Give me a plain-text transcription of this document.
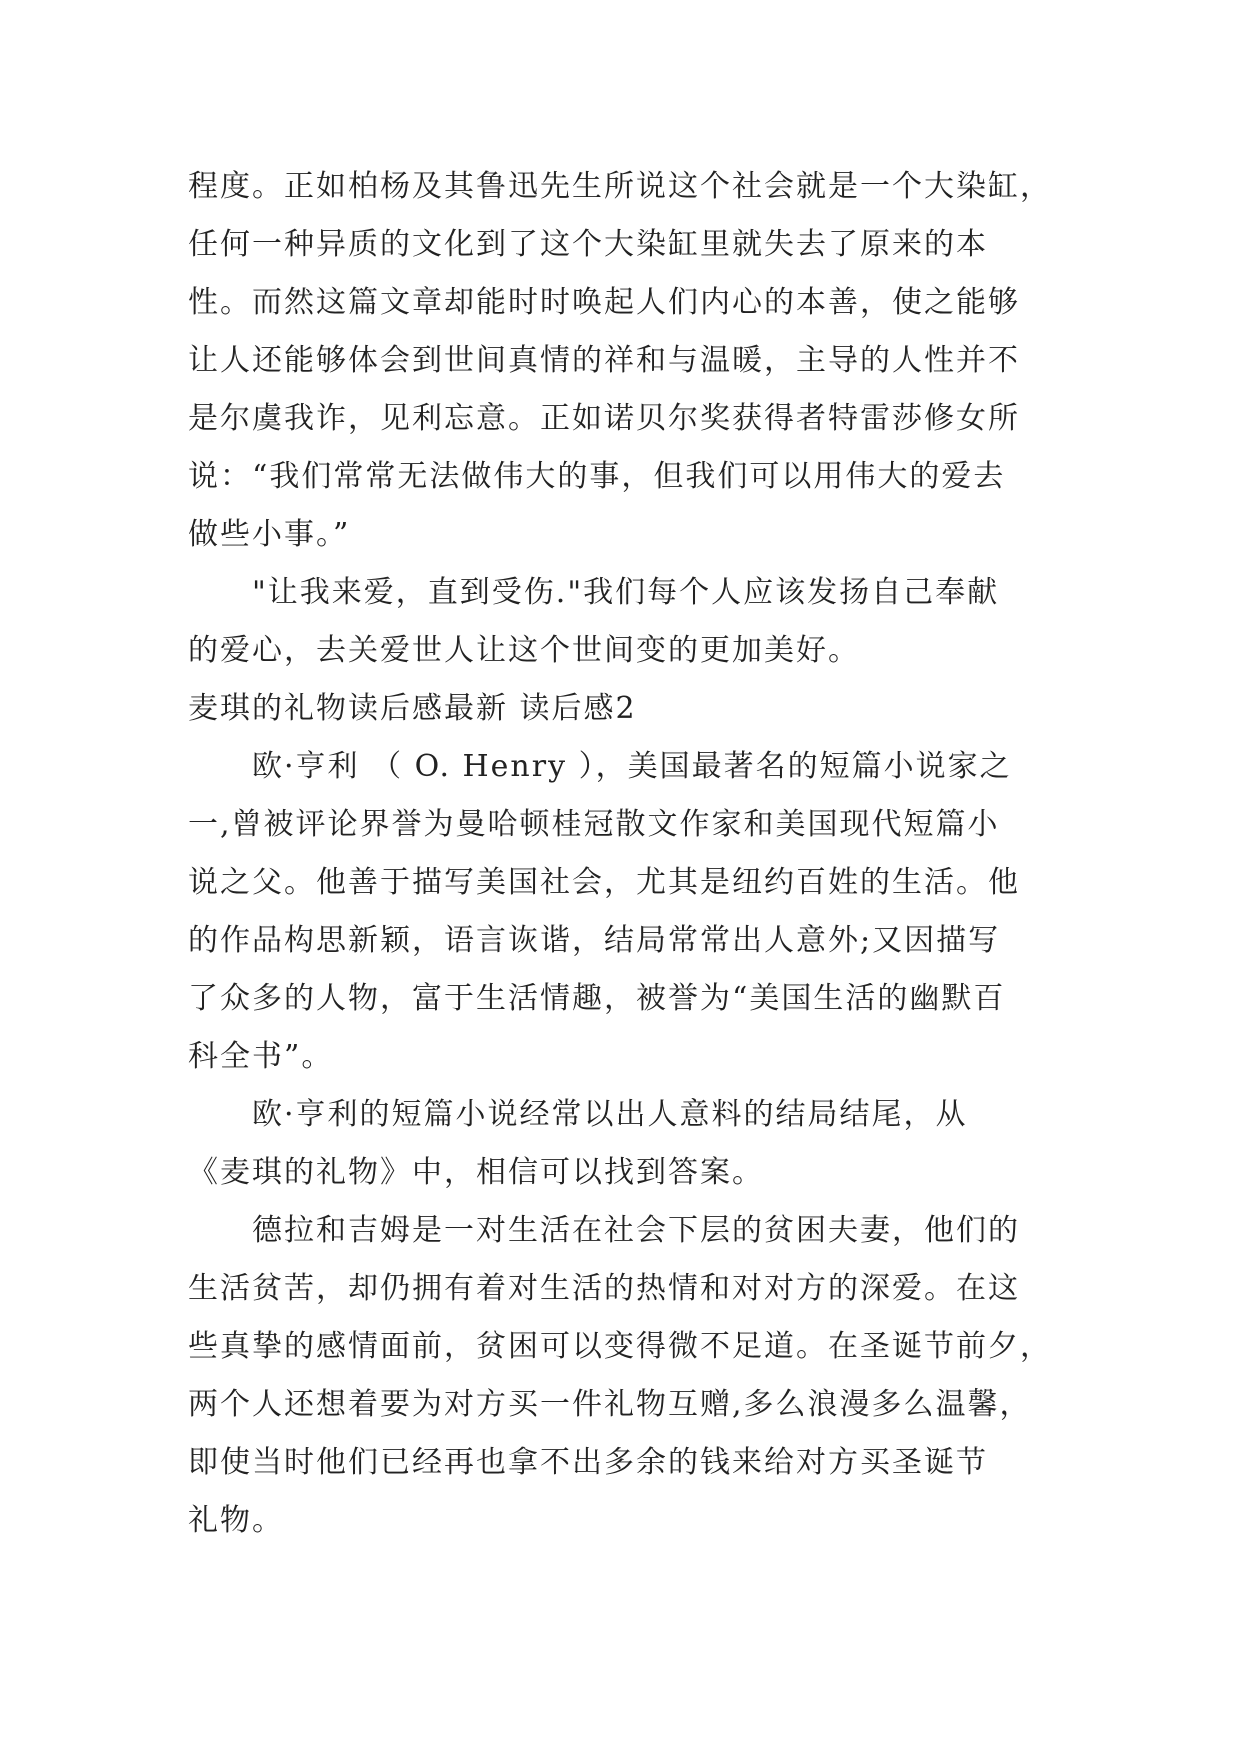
程度。正如柏杨及其鲁迅先生所说这个社会就是一个大染缸，
任何一种异质的文化到了这个大染缸里就失去了原来的本
性。而然这篇文章却能时时唤起人们内心的本善，使之能够
让人还能够体会到世间真情的祥和与温暖，主导的人性并不
是尔虞我诈，见利忘意。正如诺贝尔奖获得者特雷莎修女所
说：“我们常常无法做伟大的事，但我们可以用伟大的爱去
做些小事。”

　　"让我来爱，直到受伤."我们每个人应该发扬自己奉献
的爱心，去关爱世人让这个世间变的更加美好。

麦琪的礼物读后感最新 读后感2

　　欧·亨利 （ O. Henry ），美国最著名的短篇小说家之
一,曾被评论界誉为曼哈顿桂冠散文作家和美国现代短篇小
说之父。他善于描写美国社会，尤其是纽约百姓的生活。他
的作品构思新颖，语言诙谐，结局常常出人意外;又因描写
了众多的人物，富于生活情趣，被誉为“美国生活的幽默百
科全书”。

　　欧·亨利的短篇小说经常以出人意料的结局结尾，从
《麦琪的礼物》中，相信可以找到答案。

　　德拉和吉姆是一对生活在社会下层的贫困夫妻，他们的
生活贫苦，却仍拥有着对生活的热情和对对方的深爱。在这
些真挚的感情面前，贫困可以变得微不足道。在圣诞节前夕，
两个人还想着要为对方买一件礼物互赠,多么浪漫多么温馨，
即使当时他们已经再也拿不出多余的钱来给对方买圣诞节
礼物。
